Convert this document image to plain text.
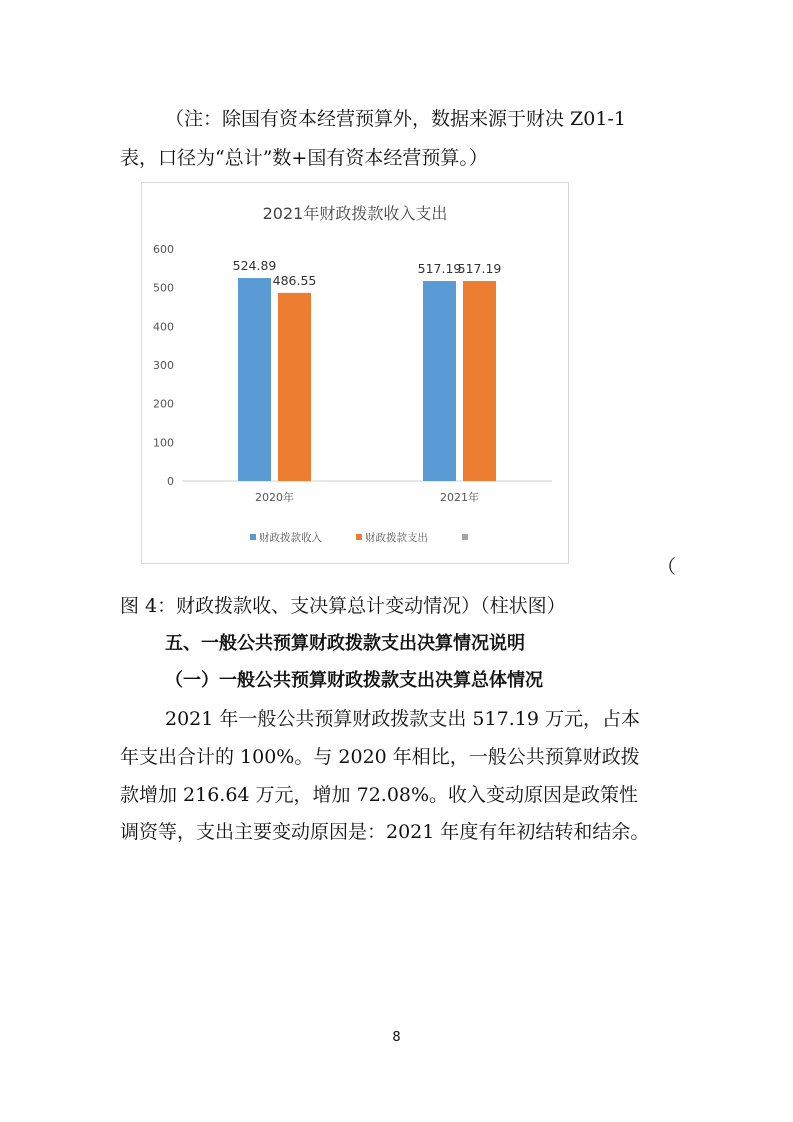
（注：除国有资本经营预算外，数据来源于财决 Z01-1
表，口径为“总计”数+国有资本经营预算。）
2021年财政拨款收入支出
0
100
200
300
400
500
600
524.89
486.55
517.19
517.19
2020年	2021年
财政拨款收入	财政拨款支出
（
图 4：财政拨款收、支决算总计变动情况）（柱状图）
五、一般公共预算财政拨款支出决算情况说明
（一）一般公共预算财政拨款支出决算总体情况
2021 年一般公共预算财政拨款支出 517.19 万元，占本
年支出合计的 100%。与 2020 年相比，一般公共预算财政拨
款增加 216.64 万元，增加 72.08%。收入变动原因是政策性
调资等，支出主要变动原因是：2021 年度有年初结转和结余。
8
